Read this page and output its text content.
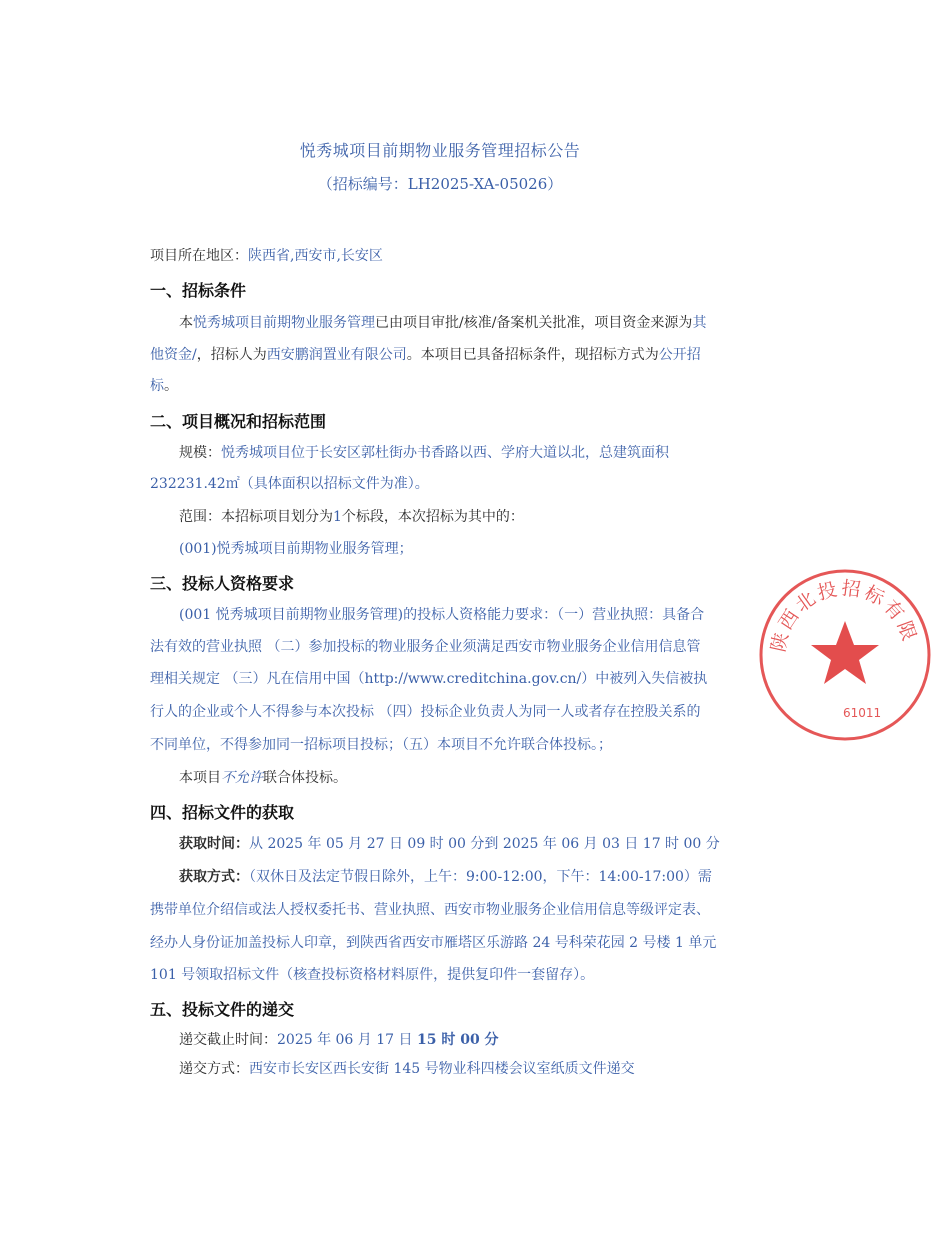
悦秀城项目前期物业服务管理招标公告
（招标编号：LH2025-XA-05026）
项目所在地区：陕西省,西安市,长安区
一、招标条件
本悦秀城项目前期物业服务管理已由项目审批/核准/备案机关批准，项目资金来源为其
他资金/，招标人为西安鹏润置业有限公司。本项目已具备招标条件，现招标方式为公开招
标。
二、项目概况和招标范围
规模：悦秀城项目位于长安区郭杜街办书香路以西、学府大道以北，总建筑面积
232231.42㎡（具体面积以招标文件为准）。
范围：本招标项目划分为1个标段，本次招标为其中的：
(001)悦秀城项目前期物业服务管理；
三、投标人资格要求
(001 悦秀城项目前期物业服务管理)的投标人资格能力要求：（一）营业执照：具备合
法有效的营业执照 （二）参加投标的物业服务企业须满足西安市物业服务企业信用信息管
理相关规定 （三）凡在信用中国（http://www.creditchina.gov.cn/）中被列入失信被执
行人的企业或个人不得参与本次投标 （四）投标企业负责人为同一人或者存在控股关系的
不同单位，不得参加同一招标项目投标；（五）本项目不允许联合体投标。；
本项目不允许联合体投标。
四、招标文件的获取
获取时间：从 2025 年 05 月 27 日 09 时 00 分到 2025 年 06 月 03 日 17 时 00 分
获取方式：（双休日及法定节假日除外，上午：9:00-12:00，下午：14:00-17:00）需
携带单位介绍信或法人授权委托书、营业执照、西安市物业服务企业信用信息等级评定表、
经办人身份证加盖投标人印章，到陕西省西安市雁塔区乐游路 24 号科荣花园 2 号楼 1 单元
101 号领取招标文件（核查投标资格材料原件，提供复印件一套留存）。
五、投标文件的递交
递交截止时间：2025 年 06 月 17 日 15 时 00 分
递交方式：西安市长安区西长安街 145 号物业科四楼会议室纸质文件递交
陕西北投招标有限
61011
